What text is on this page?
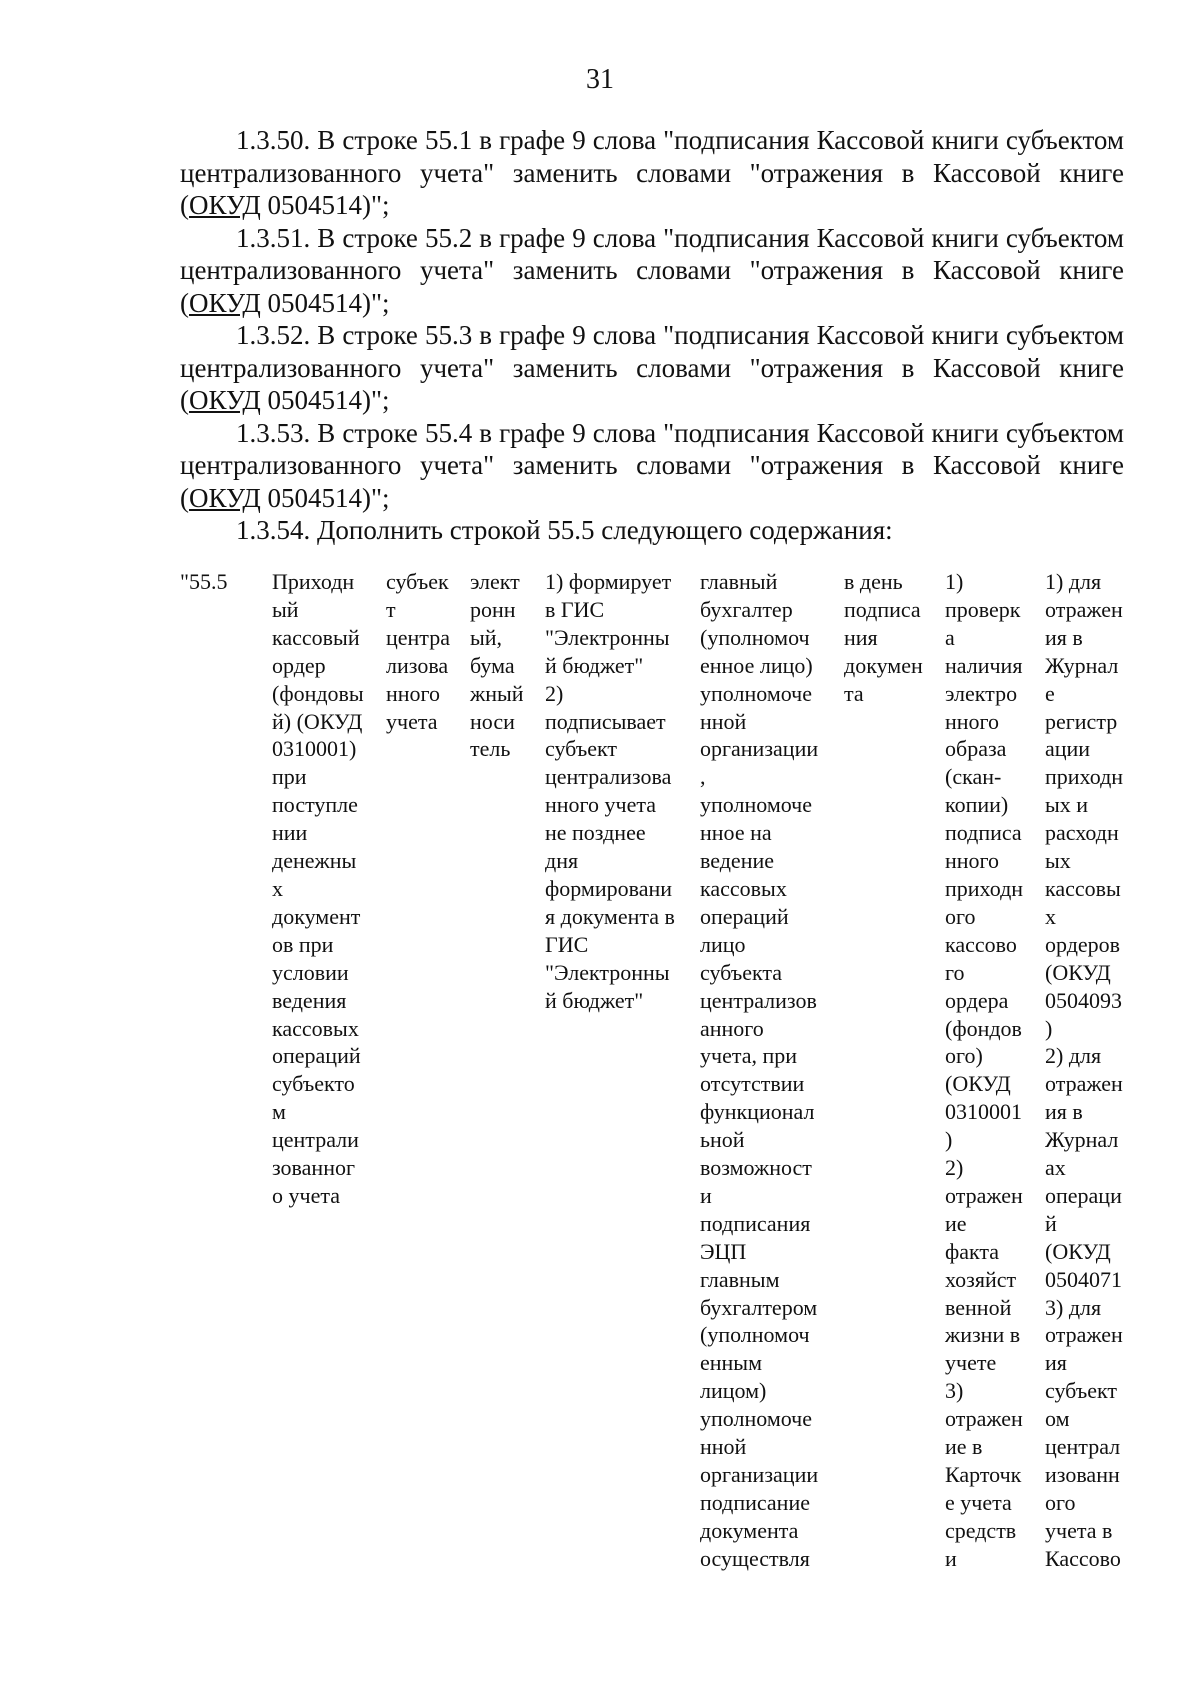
31

1.3.50. В строке 55.1 в графе 9 слова "подписания Кассовой книги субъектом централизованного учета" заменить словами "отражения в Кассовой книге (ОКУД 0504514)";

1.3.51. В строке 55.2 в графе 9 слова "подписания Кассовой книги субъектом централизованного учета" заменить словами "отражения в Кассовой книге (ОКУД 0504514)";

1.3.52. В строке 55.3 в графе 9 слова "подписания Кассовой книги субъектом централизованного учета" заменить словами "отражения в Кассовой книге (ОКУД 0504514)";

1.3.53. В строке 55.4 в графе 9 слова "подписания Кассовой книги субъектом централизованного учета" заменить словами "отражения в Кассовой книге (ОКУД 0504514)";

1.3.54. Дополнить строкой 55.5 следующего содержания:

"55.5 Приходн
ый
кассовый
ордер
(фондовы
й) (ОКУД
0310001)
при
поступле
нии
денежны
х
документ
ов при
условии
ведения
кассовых
операций
субъекто
м
централи
зованног
о учета
субъек
т
центра
лизова
нного
учета
элект
ронн
ый,
бума
жный
носи
тель
1) формирует
в ГИС
"Электронны
й бюджет"
2)
подписывает
субъект
централизова
нного учета
не позднее
дня
формировани
я документа в
ГИС
"Электронны
й бюджет"
главный
бухгалтер
(уполномоч
енное лицо)
уполномоче
нной
организации
,
уполномоче
нное на
ведение
кассовых
операций
лицо
субъекта
централизов
анного
учета, при
отсутствии
функционал
ьной
возможност
и
подписания
ЭЦП
главным
бухгалтером
(уполномоч
енным
лицом)
уполномоче
нной
организации
подписание
документа
осуществля
в день
подписа
ния
докумен
та
1)
проверк
а
наличия
электро
нного
образа
(скан-
копии)
подписа
нного
приходн
ого
кассово
го
ордера
(фондов
ого)
(ОКУД
0310001
)
2)
отражен
ие
факта
хозяйст
венной
жизни в
учете
3)
отражен
ие в
Карточк
е учета
средств
и
1) для
отражен
ия в
Журнал
е
регистр
ации
приходн
ых и
расходн
ых
кассовы
х
ордеров
(ОКУД
0504093
)
2) для
отражен
ия в
Журнал
ах
операци
й
(ОКУД
0504071
3) для
отражен
ия
субъект
ом
централ
изованн
ого
учета в
Кассово
